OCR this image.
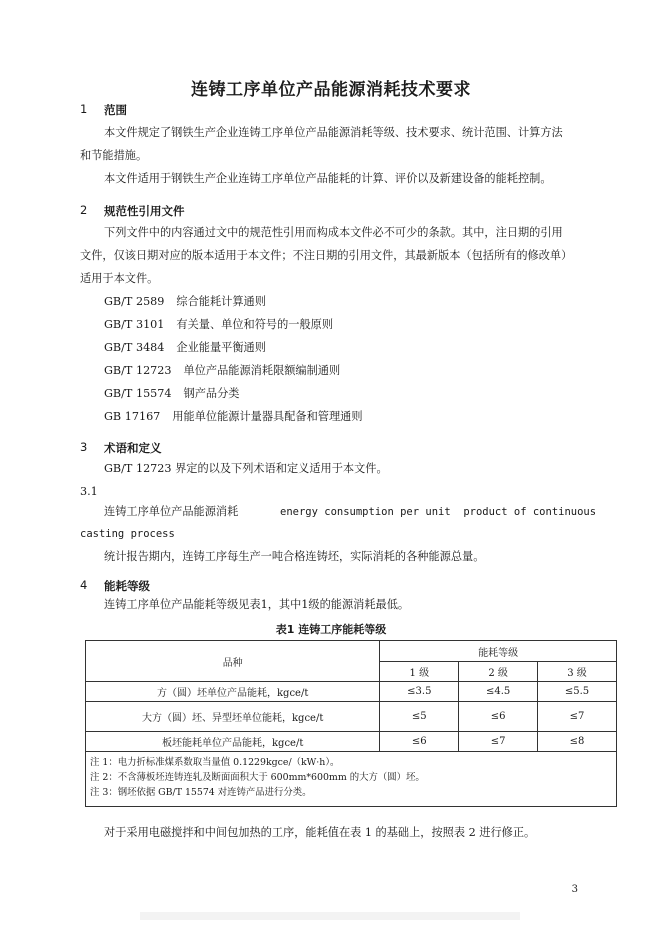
连铸工序单位产品能源消耗技术要求
1 范围
本文件规定了钢铁生产企业连铸工序单位产品能源消耗等级、技术要求、统计范围、计算方法
和节能措施。
本文件适用于钢铁生产企业连铸工序单位产品能耗的计算、评价以及新建设备的能耗控制。
2 规范性引用文件
下列文件中的内容通过文中的规范性引用而构成本文件必不可少的条款。其中，注日期的引用
文件，仅该日期对应的版本适用于本文件；不注日期的引用文件，其最新版本（包括所有的修改单）
适用于本文件。
GB/T 2589 综合能耗计算通则
GB/T 3101 有关量、单位和符号的一般原则
GB/T 3484 企业能量平衡通则
GB/T 12723 单位产品能源消耗限额编制通则
GB/T 15574 钢产品分类
GB 17167 用能单位能源计量器具配备和管理通则
3 术语和定义
GB/T 12723 界定的以及下列术语和定义适用于本文件。
3.1
连铸工序单位产品能源消耗	energy consumption per unit  product of continuous
casting process
统计报告期内，连铸工序每生产一吨合格连铸坯，实际消耗的各种能源总量。
4 能耗等级
连铸工序单位产品能耗等级见表1，其中1级的能源消耗最低。
表1 连铸工序能耗等级
品种	能耗等级		
	1 级	2 级	3 级
方（圆）坯单位产品能耗，kgce/t	≤3.5	≤4.5	≤5.5
大方（圆）坯、异型坯单位能耗，kgce/t	≤5	≤6	≤7
板坯能耗单位产品能耗，kgce/t	≤6	≤7	≤8

注 1：电力折标准煤系数取当量值 0.1229kgce/（kW·h）。
注 2：不含薄板坯连铸连轧及断面面积大于 600mm*600mm 的大方（圆）坯。
注 3：钢坯依据 GB/T 15574 对连铸产品进行分类。			
对于采用电磁搅拌和中间包加热的工序，能耗值在表 1 的基础上，按照表 2 进行修正。
3
